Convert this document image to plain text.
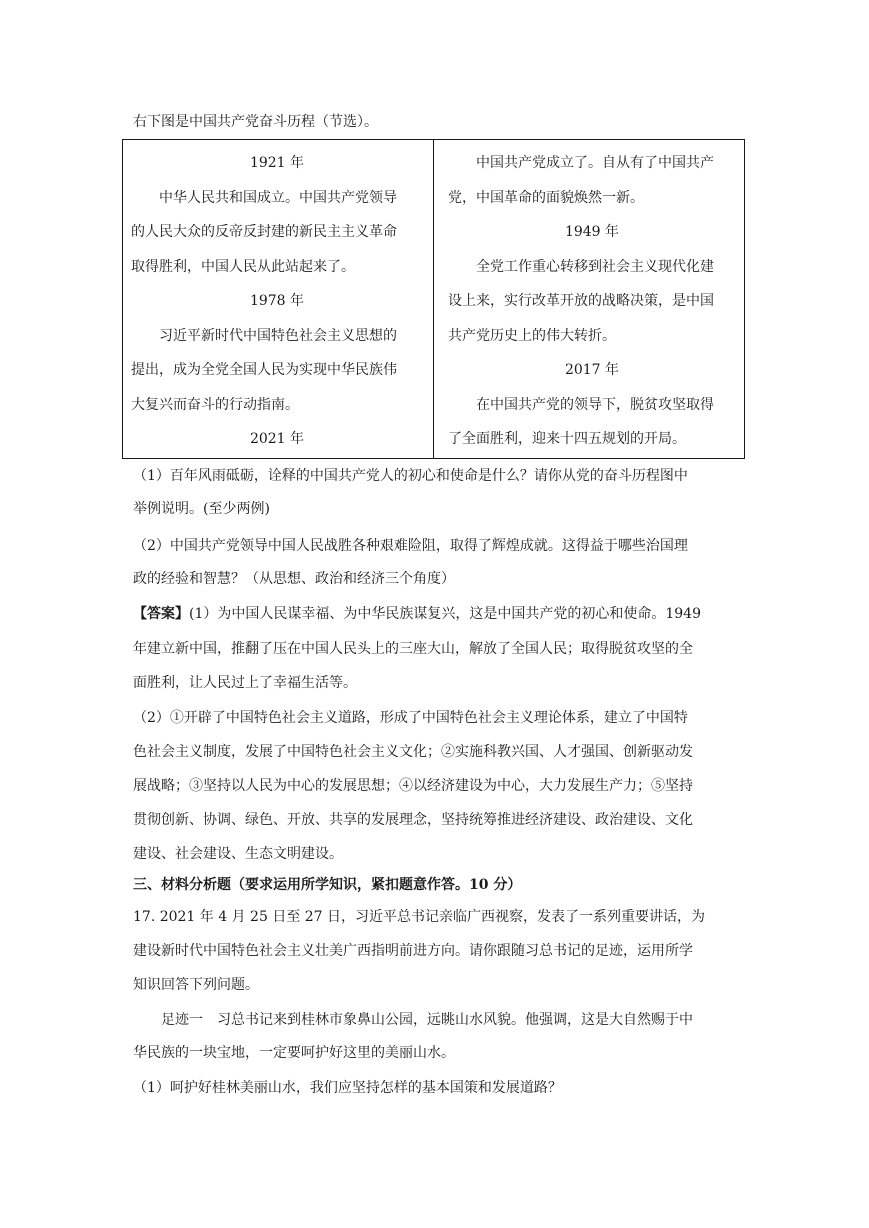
右下图是中国共产党奋斗历程（节选）。
1921 年
中华人民共和国成立。中国共产党领导
的人民大众的反帝反封建的新民主主义革命
取得胜利，中国人民从此站起来了。
1978 年
习近平新时代中国特色社会主义思想的
提出，成为全党全国人民为实现中华民族伟
大复兴而奋斗的行动指南。
2021 年

中国共产党成立了。自从有了中国共产
党，中国革命的面貌焕然一新。
1949 年
全党工作重心转移到社会主义现代化建
设上来，实行改革开放的战略决策，是中国
共产党历史上的伟大转折。
2017 年
在中国共产党的领导下，脱贫攻坚取得
了全面胜利，迎来十四五规划的开局。
（1）百年风雨砥砺，诠释的中国共产党人的初心和使命是什么？请你从党的奋斗历程图中
举例说明。(至少两例)
（2）中国共产党领导中国人民战胜各种艰难险阻，取得了辉煌成就。这得益于哪些治国理
政的经验和智慧？（从思想、政治和经济三个角度）
【答案】(1）为中国人民谋幸福、为中华民族谋复兴，这是中国共产党的初心和使命。1949
年建立新中国，推翻了压在中国人民头上的三座大山，解放了全国人民；取得脱贫攻坚的全
面胜利，让人民过上了幸福生活等。
（2）①开辟了中国特色社会主义道路，形成了中国特色社会主义理论体系，建立了中国特
色社会主义制度，发展了中国特色社会主义文化；②实施科教兴国、人才强国、创新驱动发
展战略；③坚持以人民为中心的发展思想；④以经济建设为中心，大力发展生产力；⑤坚持
贯彻创新、协调、绿色、开放、共享的发展理念，坚持统筹推进经济建设、政治建设、文化
建设、社会建设、生态文明建设。
三、材料分析题（要求运用所学知识，紧扣题意作答。10 分）
17. 2021 年 4 月 25 日至 27 日，习近平总书记亲临广西视察，发表了一系列重要讲话，为
建设新时代中国特色社会主义壮美广西指明前进方向。请你跟随习总书记的足迹，运用所学
知识回答下列问题。
足迹一　习总书记来到桂林市象鼻山公园，远眺山水风貌。他强调，这是大自然赐于中
华民族的一块宝地，一定要呵护好这里的美丽山水。
（1）呵护好桂林美丽山水，我们应坚持怎样的基本国策和发展道路？
